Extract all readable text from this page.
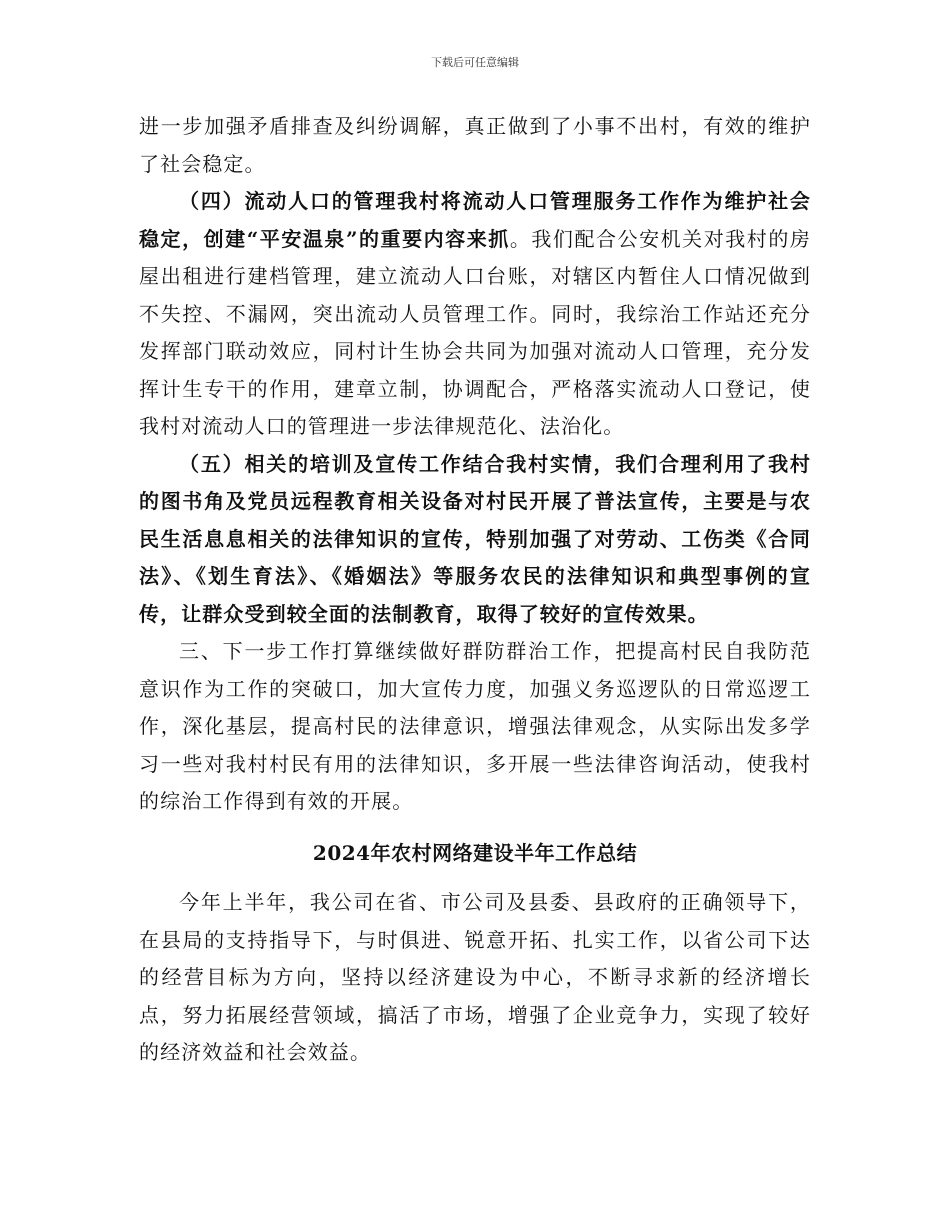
下载后可任意编辑

进一步加强矛盾排查及纠纷调解，真正做到了小事不出村，有效的维护了社会稳定。

（四）流动人口的管理我村将流动人口管理服务工作作为维护社会稳定，创建“平安温泉”的重要内容来抓。我们配合公安机关对我村的房屋出租进行建档管理，建立流动人口台账，对辖区内暂住人口情况做到不失控、不漏网，突出流动人员管理工作。同时，我综治工作站还充分发挥部门联动效应，同村计生协会共同为加强对流动人口管理，充分发挥计生专干的作用，建章立制，协调配合，严格落实流动人口登记，使我村对流动人口的管理进一步法律规范化、法治化。

（五）相关的培训及宣传工作结合我村实情，我们合理利用了我村的图书角及党员远程教育相关设备对村民开展了普法宣传，主要是与农民生活息息相关的法律知识的宣传，特别加强了对劳动、工伤类《合同法》、《划生育法》、《婚姻法》等服务农民的法律知识和典型事例的宣传，让群众受到较全面的法制教育，取得了较好的宣传效果。

三、下一步工作打算继续做好群防群治工作，把提高村民自我防范意识作为工作的突破口，加大宣传力度，加强义务巡逻队的日常巡逻工作，深化基层，提高村民的法律意识，增强法律观念，从实际出发多学习一些对我村村民有用的法律知识，多开展一些法律咨询活动，使我村的综治工作得到有效的开展。

2024年农村网络建设半年工作总结

今年上半年，我公司在省、市公司及县委、县政府的正确领导下，在县局的支持指导下，与时俱进、锐意开拓、扎实工作，以省公司下达的经营目标为方向，坚持以经济建设为中心，不断寻求新的经济增长点，努力拓展经营领域，搞活了市场，增强了企业竞争力，实现了较好的经济效益和社会效益。
